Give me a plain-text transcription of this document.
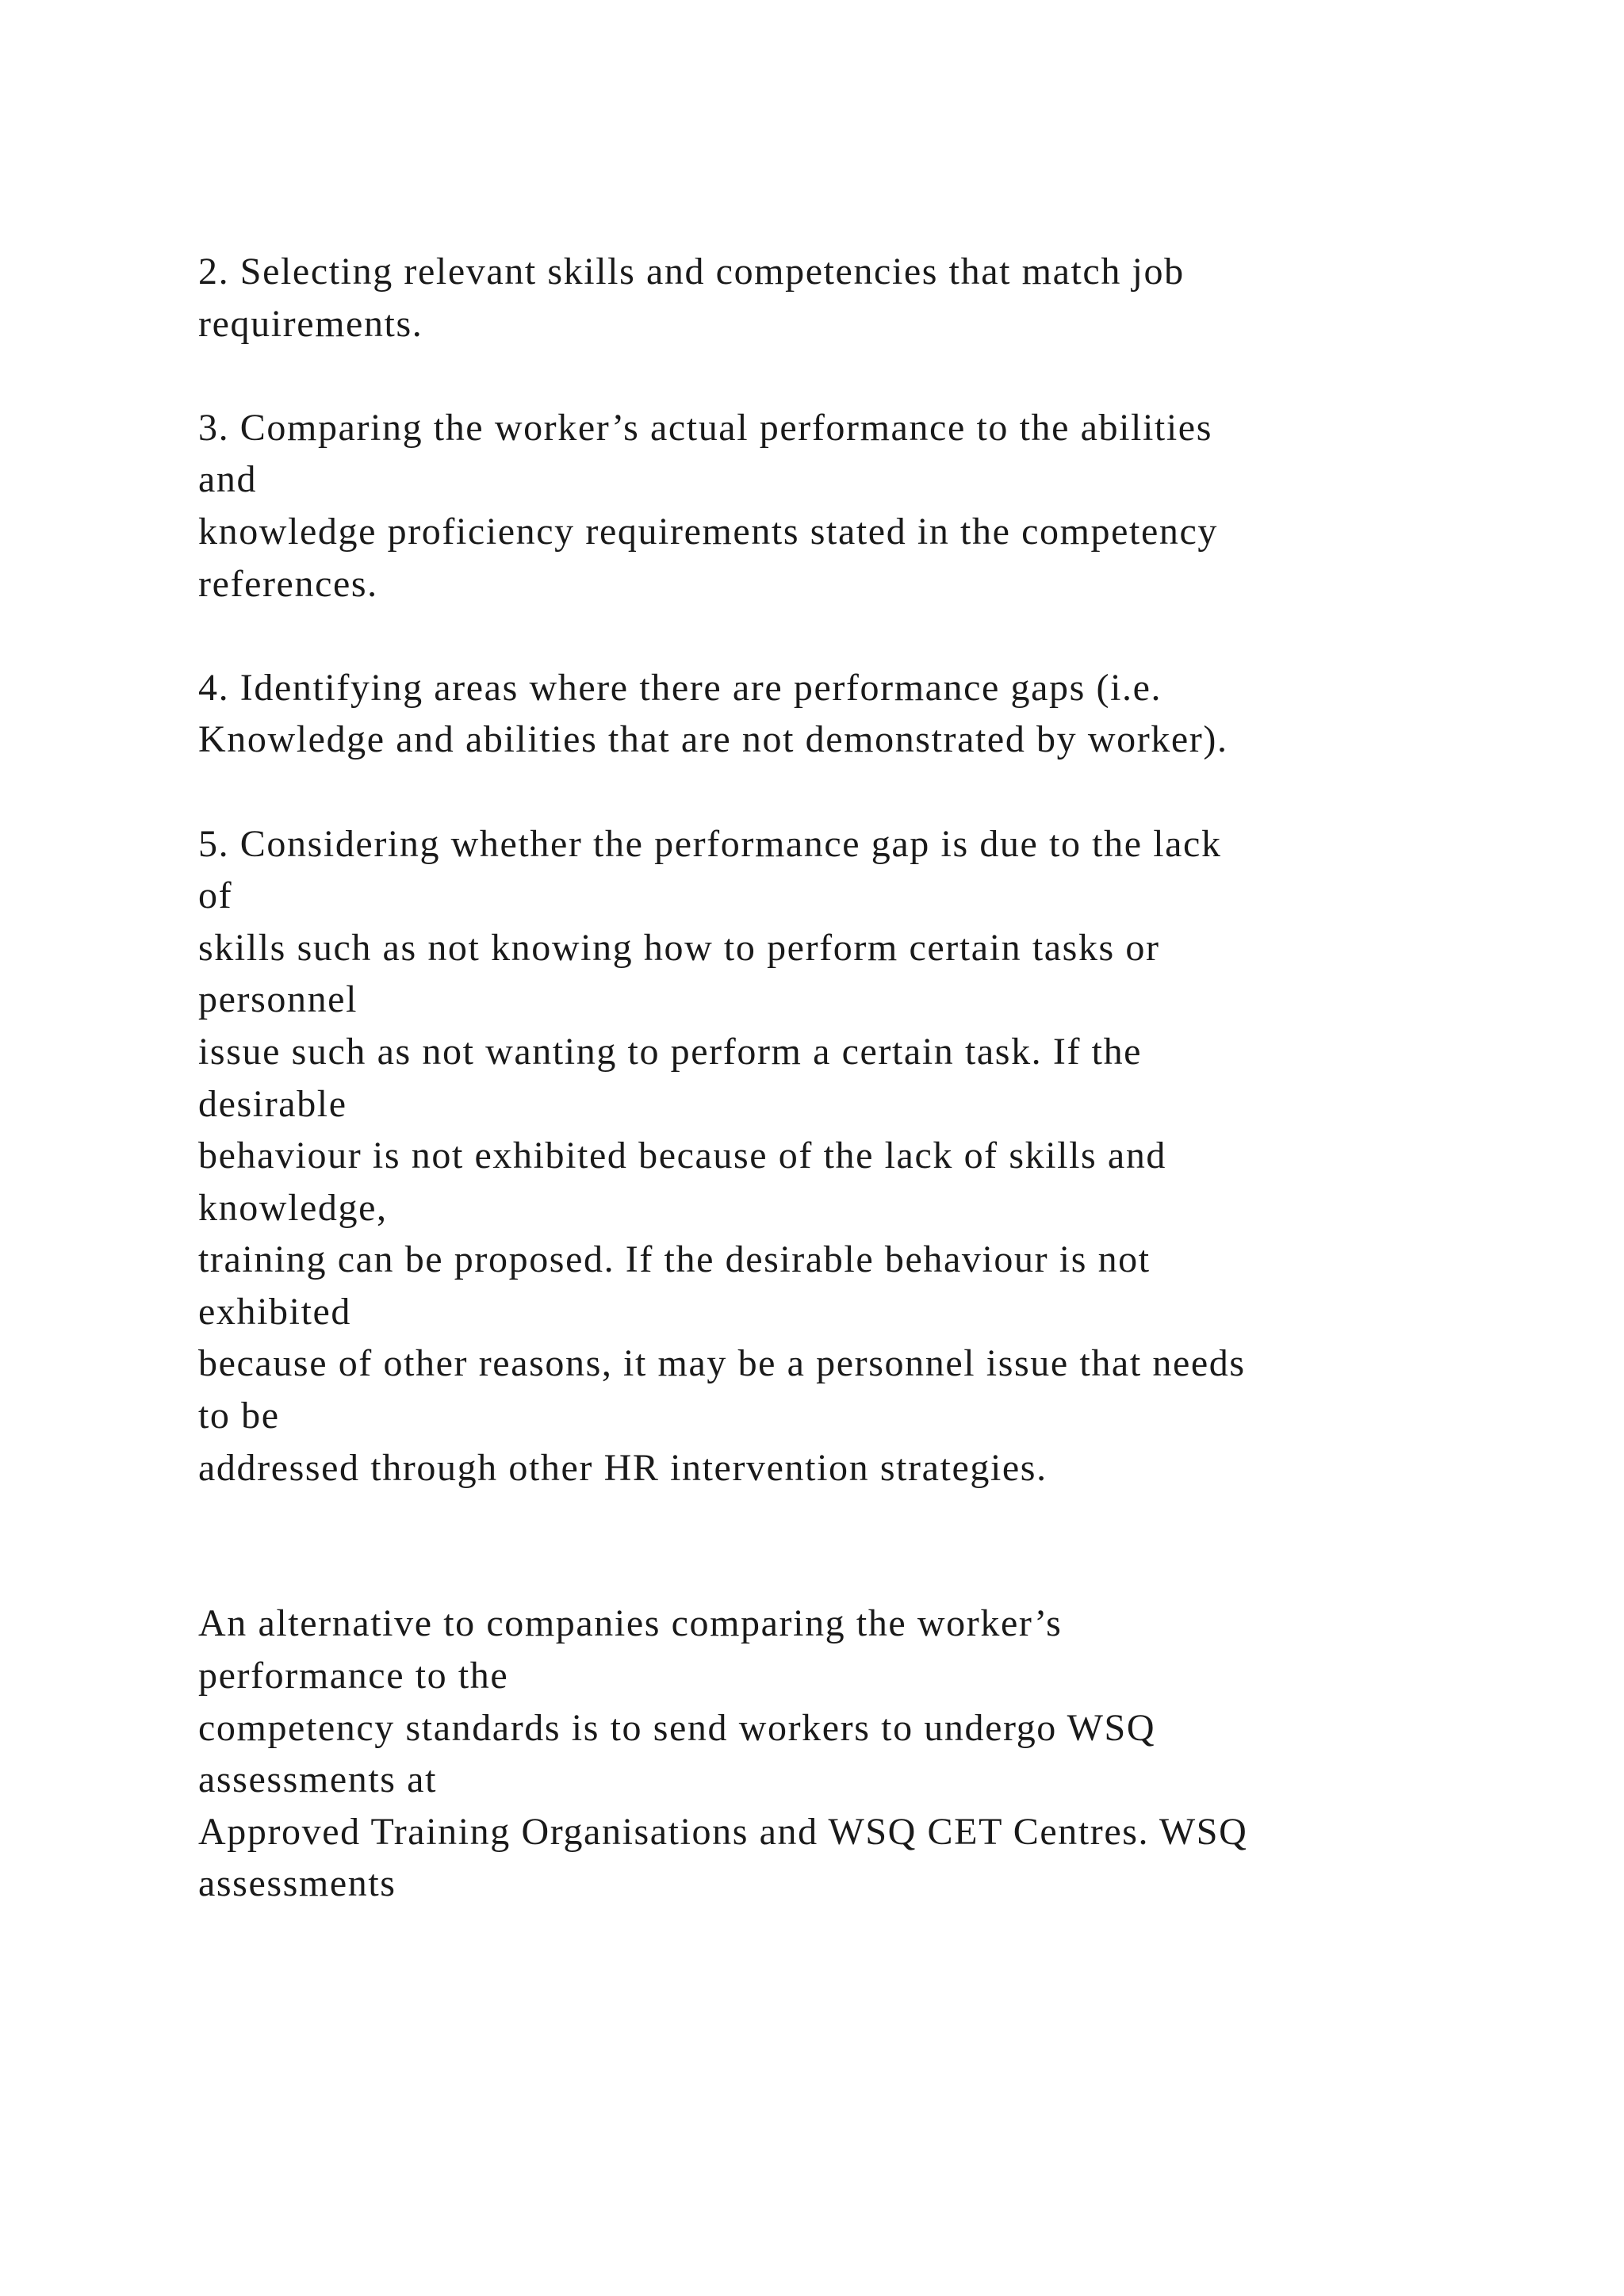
2. Selecting relevant skills and competencies that match job
requirements.
3. Comparing the worker’s actual performance to the abilities
and
knowledge proficiency requirements stated in the competency
references.
4. Identifying areas where there are performance gaps (i.e.
Knowledge and abilities that are not demonstrated by worker).
5. Considering whether the performance gap is due to the lack
of
skills such as not knowing how to perform certain tasks or
personnel
issue such as not wanting to perform a certain task. If the
desirable
behaviour is not exhibited because of the lack of skills and
knowledge,
training can be proposed. If the desirable behaviour is not
exhibited
because of other reasons, it may be a personnel issue that needs
to be
addressed through other HR intervention strategies.
An alternative to companies comparing the worker’s
performance to the
competency standards is to send workers to undergo WSQ
assessments at
Approved Training Organisations and WSQ CET Centres. WSQ
assessments
